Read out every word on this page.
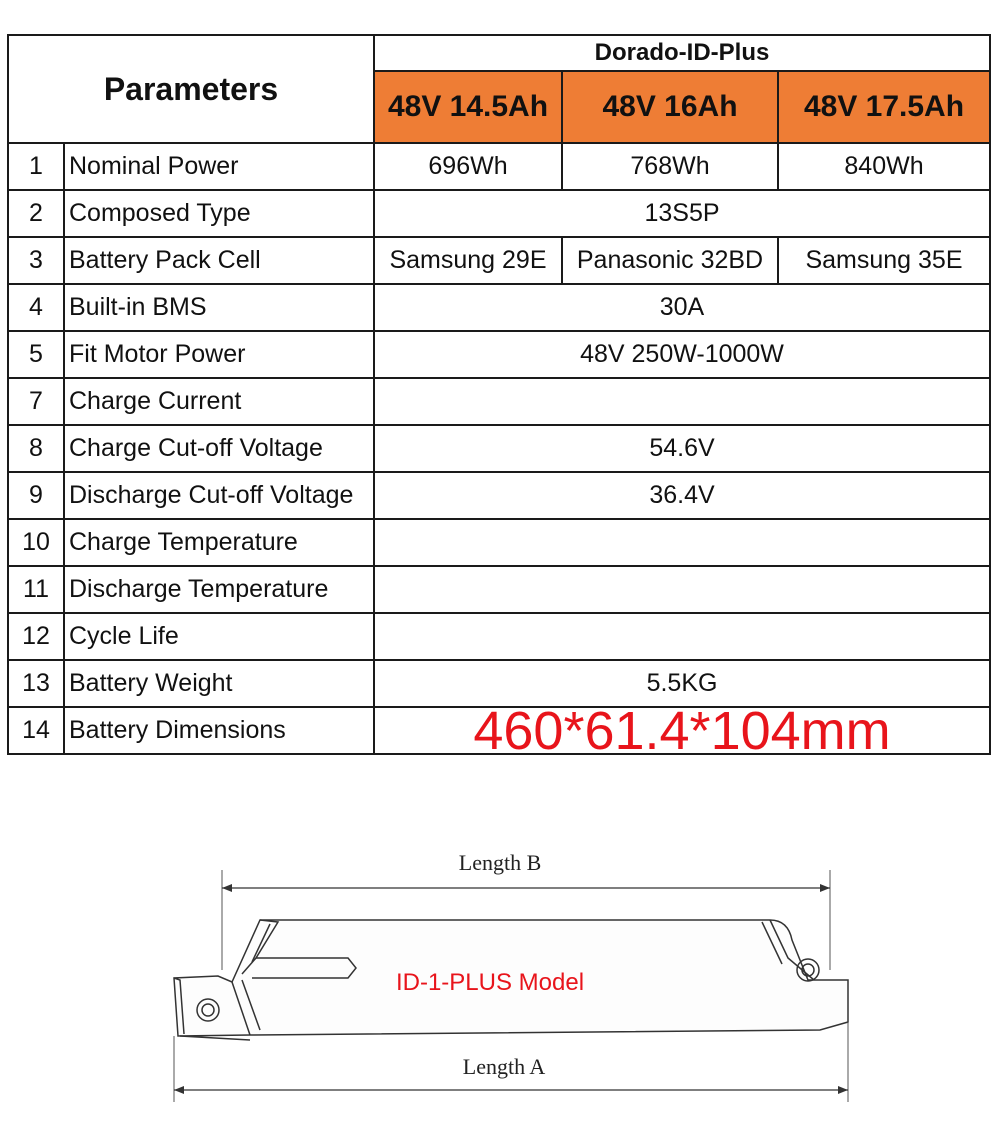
Parameters		Dorado-ID-Plus		
		48V 14.5Ah	48V 16Ah	48V 17.5Ah
1	Nominal Power	696Wh	768Wh	840Wh
2	Composed Type	13S5P		
3	Battery Pack Cell	Samsung 29E	Panasonic 32BD	Samsung 35E
4	Built-in BMS	30A		
5	Fit Motor Power	48V 250W-1000W		
7	Charge Current			
8	Charge Cut-off Voltage	54.6V		
9	Discharge Cut-off Voltage	36.4V		
10	Charge Temperature			
11	Discharge Temperature			
12	Cycle Life			
13	Battery Weight	5.5KG		
14	Battery Dimensions	460*61.4*104mm		
Length B
ID-1-PLUS Model
Length A
